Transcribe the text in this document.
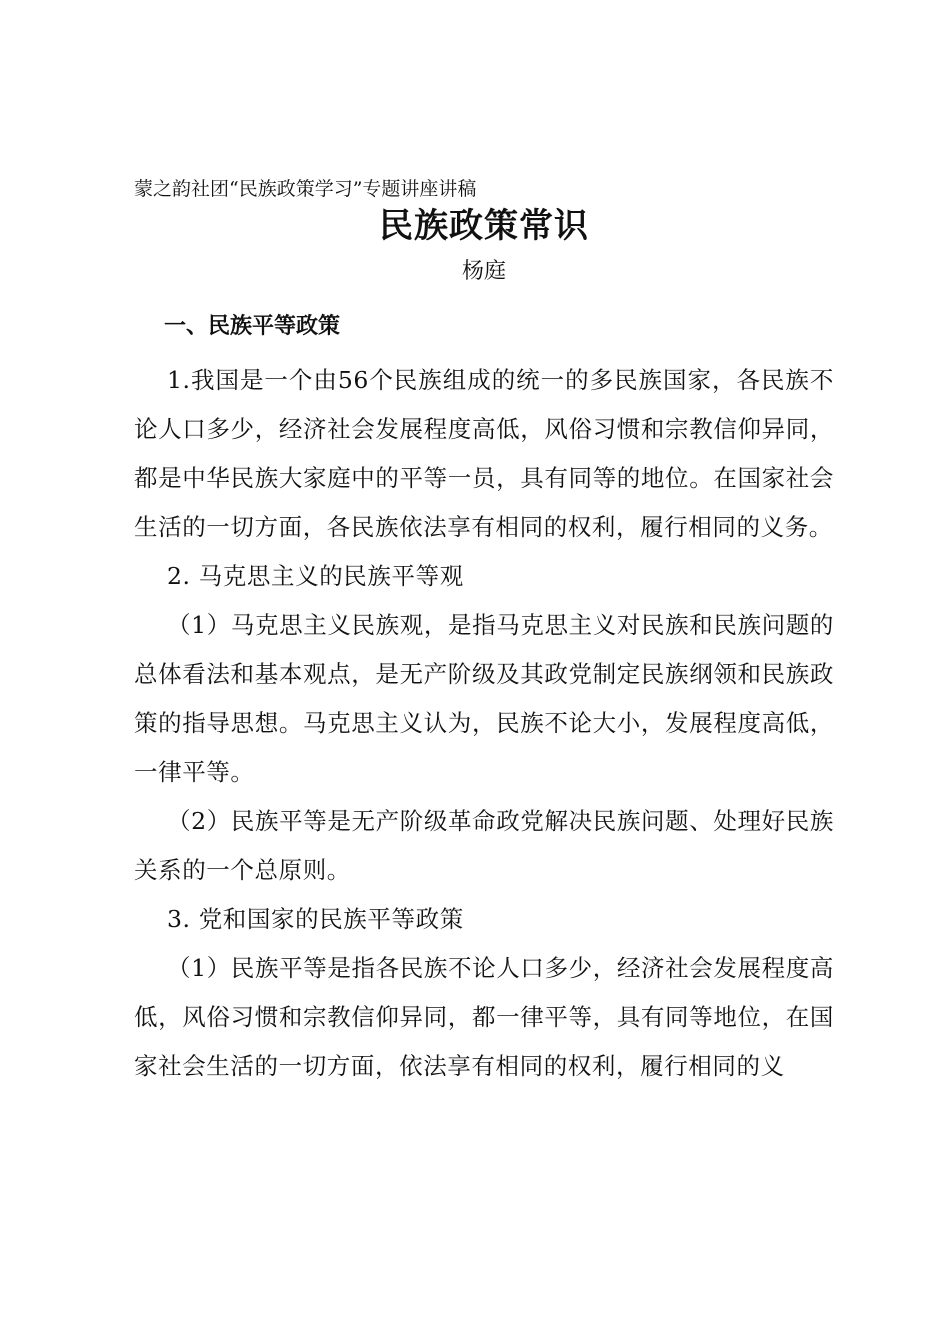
蒙之韵社团“民族政策学习”专题讲座讲稿
民族政策常识
杨庭
一、民族平等政策

1.我国是一个由56个民族组成的统一的多民族国家，各民族不论人口多少，经济社会发展程度高低，风俗习惯和宗教信仰异同，都是中华民族大家庭中的平等一员，具有同等的地位。在国家社会生活的一切方面，各民族依法享有相同的权利，履行相同的义务。

2. 马克思主义的民族平等观

（1）马克思主义民族观，是指马克思主义对民族和民族问题的总体看法和基本观点，是无产阶级及其政党制定民族纲领和民族政策的指导思想。马克思主义认为，民族不论大小，发展程度高低， 一律平等。

（2）民族平等是无产阶级革命政党解决民族问题、处理好民族关系的一个总原则。

3. 党和国家的民族平等政策

（1）民族平等是指各民族不论人口多少，经济社会发展程度高低，风俗习惯和宗教信仰异同，都一律平等，具有同等地位，在国家社会生活的一切方面，依法享有相同的权利，履行相同的义
